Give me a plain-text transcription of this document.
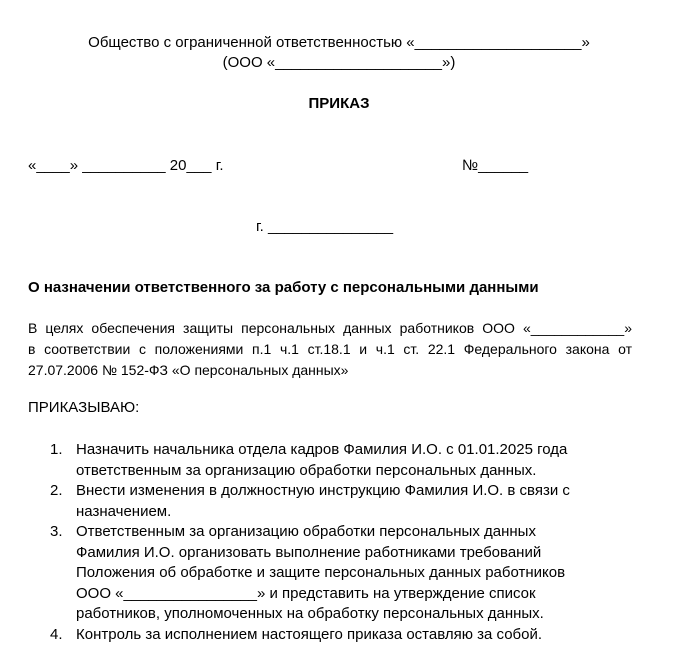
Общество с ограниченной ответственностью «____________________»
(ООО «____________________»)
ПРИКАЗ
«____» __________ 20___ г.	№______
г. _______________
О назначении ответственного за работу с персональными данными
В целях обеспечения защиты персональных данных работников ООО «____________»
в соответствии с положениями п.1 ч.1 ст.18.1 и ч.1 ст. 22.1 Федерального закона от
27.07.2006 № 152-ФЗ «О персональных данных»
ПРИКАЗЫВАЮ:
1. Назначить начальника отдела кадров Фамилия И.О. с 01.01.2025 года
ответственным за организацию обработки персональных данных.
2. Внести изменения в должностную инструкцию Фамилия И.О. в связи с
назначением.
3. Ответственным за организацию обработки персональных данных
Фамилия И.О. организовать выполнение работниками требований
Положения об обработке и защите персональных данных работников
ООО «________________» и представить на утверждение список
работников, уполномоченных на обработку персональных данных.
4. Контроль за исполнением настоящего приказа оставляю за собой.
